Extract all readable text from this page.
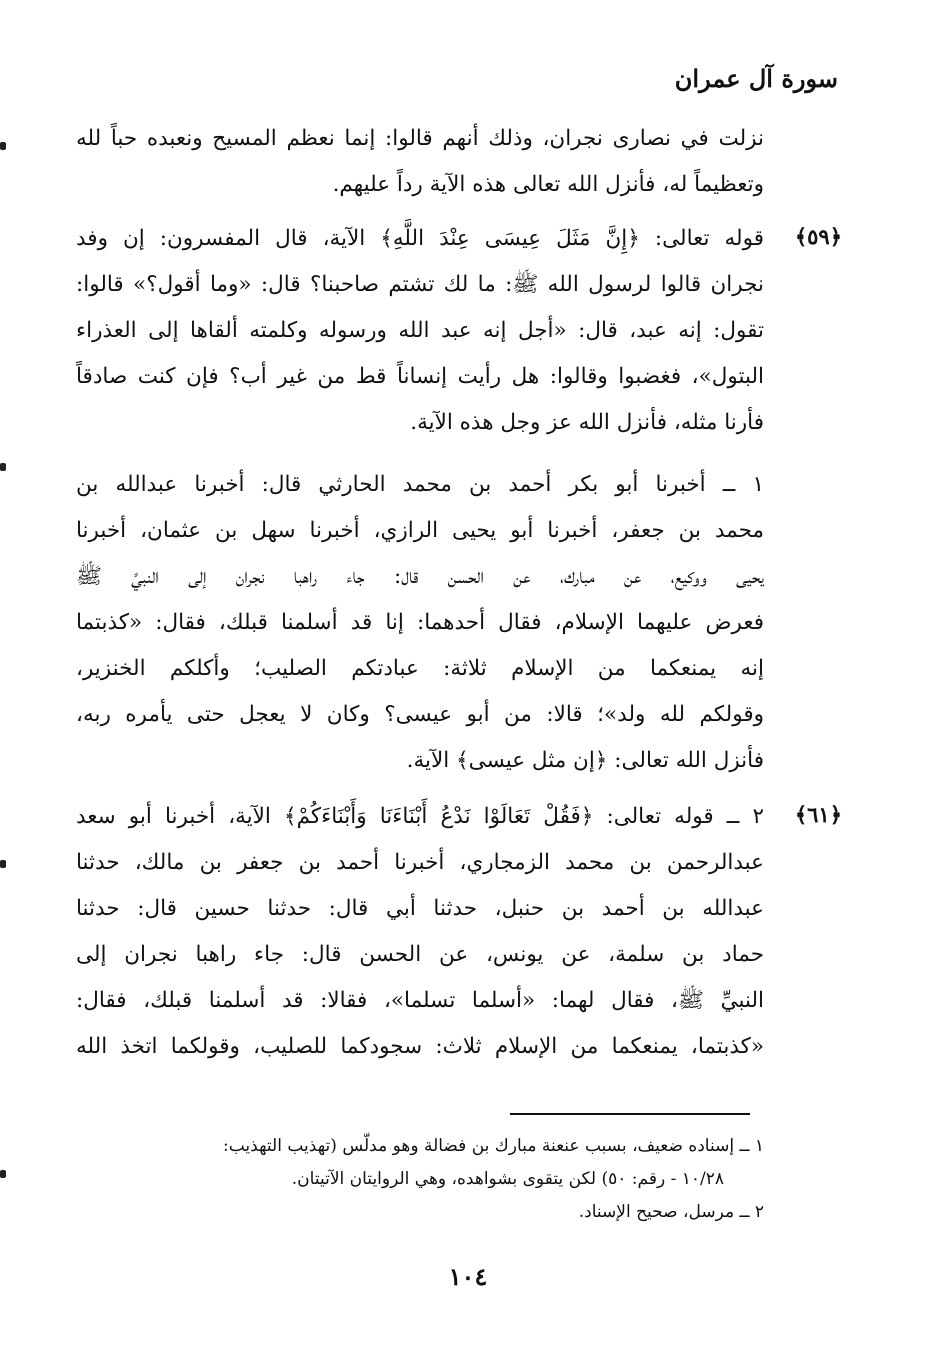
سورة آل عمران
نزلت في نصارى نجران، وذلك أنهم قالوا: إنما نعظم المسيح ونعبده حباً لله
وتعظيماً له، فأنزل الله تعالى هذه الآية رداً عليهم.
﴿٥٩﴾
قوله تعالى: ﴿إِنَّ مَثَلَ عِيسَى عِنْدَ اللَّهِ﴾ الآية، قال المفسرون: إن وفد
نجران قالوا لرسول الله ﷺ: ما لك تشتم صاحبنا؟ قال: «وما أقول؟» قالوا:
تقول: إنه عبد، قال: «أجل إنه عبد الله ورسوله وكلمته ألقاها إلى العذراء
البتول»، فغضبوا وقالوا: هل رأيت إنساناً قط من غير أب؟ فإن كنت صادقاً
فأرنا مثله، فأنزل الله عز وجل هذه الآية.
١ ــ أخبرنا أبو بكر أحمد بن محمد الحارثي قال: أخبرنا عبدالله بن
محمد بن جعفر، أخبرنا أبو يحيى الرازي، أخبرنا سهل بن عثمان، أخبرنا
يحيى ووكيع، عن مبارك، عن الحسن قال: جاء راهبا نجران إلى النبيِّ ﷺ
فعرض عليهما الإسلام، فقال أحدهما: إنا قد أسلمنا قبلك، فقال: «كذبتما
إنه يمنعكما من الإسلام ثلاثة: عبادتكم الصليب؛ وأكلكم الخنزير،
وقولكم لله ولد»؛ قالا: من أبو عيسى؟ وكان لا يعجل حتى يأمره ربه،
فأنزل الله تعالى: ﴿إن مثل عيسى﴾ الآية.
﴿٦١﴾
٢ ــ قوله تعالى: ﴿فَقُلْ تَعَالَوْا نَدْعُ أَبْنَاءَنَا وَأَبْنَاءَكُمْ﴾ الآية، أخبرنا أبو سعد
عبدالرحمن بن محمد الزمجاري، أخبرنا أحمد بن جعفر بن مالك، حدثنا
عبدالله بن أحمد بن حنبل، حدثنا أبي قال: حدثنا حسين قال: حدثنا
حماد بن سلمة، عن يونس، عن الحسن قال: جاء راهبا نجران إلى
النبيِّ ﷺ، فقال لهما: «أسلما تسلما»، فقالا: قد أسلمنا قبلك، فقال:
«كذبتما، يمنعكما من الإسلام ثلاث: سجودكما للصليب، وقولكما اتخذ الله
١ ــ إسناده ضعيف، بسبب عنعنة مبارك بن فضالة وهو مدلّس (تهذيب التهذيب:
١٠/٢٨ - رقم: ٥٠) لكن يتقوى بشواهده، وهي الروايتان الآتيتان.
٢ ــ مرسل، صحيح الإسناد.
١٠٤
